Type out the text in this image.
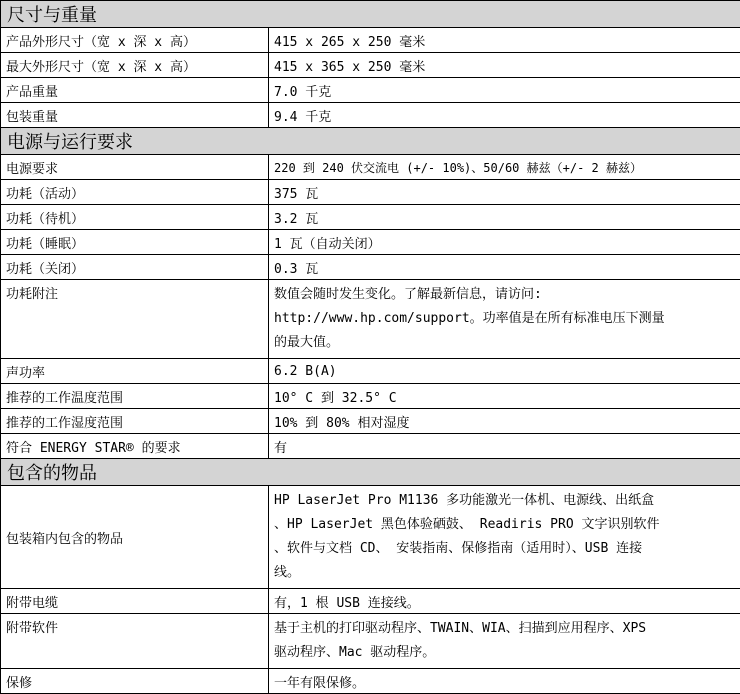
尺寸与重量	
产品外形尺寸（宽 x 深 x 高）	415 x 265 x 250 毫米
最大外形尺寸（宽 x 深 x 高）	415 x 365 x 250 毫米
产品重量	7.0 千克
包装重量	9.4 千克
电源与运行要求	
电源要求	220 到 240 伏交流电 (+/- 10%)、50/60 赫兹（+/- 2 赫兹）
功耗（活动）	375 瓦
功耗（待机）	3.2 瓦
功耗（睡眠）	1 瓦（自动关闭）
功耗（关闭）	0.3 瓦
功耗附注	数值会随时发生变化。了解最新信息，请访问:
http://www.hp.com/support。功率值是在所有标准电压下测量
的最大值。

声功率	6.2 B(A)
推荐的工作温度范围	10° C 到 32.5° C
推荐的工作湿度范围	10% 到 80% 相对湿度
符合 ENERGY STAR® 的要求	有
包含的物品	
包装箱内包含的物品	HP LaserJet Pro M1136 多功能激光一体机、电源线、出纸盒
、HP LaserJet 黑色体验硒鼓、 Readiris PRO 文字识别软件
、软件与文档 CD、 安装指南、保修指南（适用时）、USB 连接
线。

附带电缆	有，1 根 USB 连接线。
附带软件	基于主机的打印驱动程序、TWAIN、WIA、扫描到应用程序、XPS
驱动程序、Mac 驱动程序。

保修	一年有限保修。
